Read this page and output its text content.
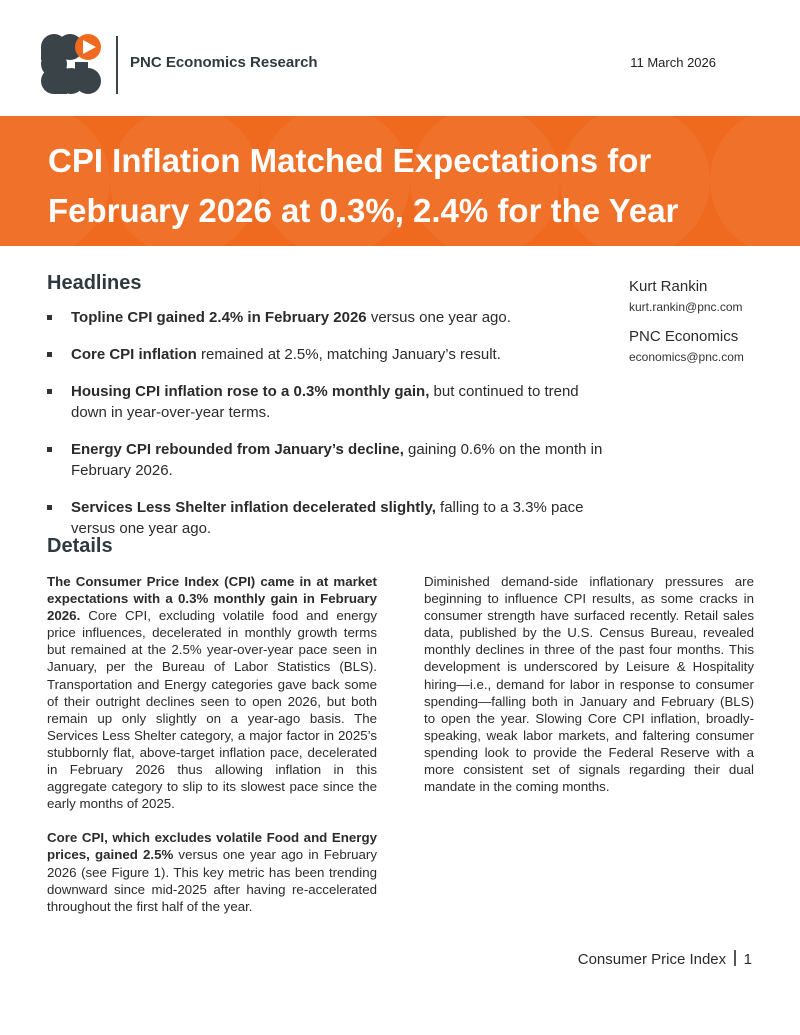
PNC Economics Research	11 March 2026
CPI Inflation Matched Expectations for February 2026 at 0.3%, 2.4% for the Year
Headlines
Topline CPI gained 2.4% in February 2026 versus one year ago.
Core CPI inflation remained at 2.5%, matching January’s result.
Housing CPI inflation rose to a 0.3% monthly gain, but continued to trend down in year-over-year terms.
Energy CPI rebounded from January’s decline, gaining 0.6% on the month in February 2026.
Services Less Shelter inflation decelerated slightly, falling to a 3.3% pace versus one year ago.
Kurt Rankin
kurt.rankin@pnc.com
PNC Economics
economics@pnc.com
Details

The Consumer Price Index (CPI) came in at market expectations with a 0.3% monthly gain in February 2026. Core CPI, excluding volatile food and energy price influences, decelerated in monthly growth terms but remained at the 2.5% year-over-year pace seen in January, per the Bureau of Labor Statistics (BLS). Transportation and Energy categories gave back some of their outright declines seen to open 2026, but both remain up only slightly on a year-ago basis. The Services Less Shelter category, a major factor in 2025’s stubbornly flat, above-target inflation pace, decelerated in February 2026 thus allowing inflation in this aggregate category to slip to its slowest pace since the early months of 2025.

Core CPI, which excludes volatile Food and Energy prices, gained 2.5% versus one year ago in February 2026 (see Figure 1). This key metric has been trending downward since mid-2025 after having re-accelerated throughout the first half of the year.

Diminished demand-side inflationary pressures are beginning to influence CPI results, as some cracks in consumer strength have surfaced recently. Retail sales data, published by the U.S. Census Bureau, revealed monthly declines in three of the past four months. This development is underscored by Leisure & Hospitality hiring—i.e., demand for labor in response to consumer spending—falling both in January and February (BLS) to open the year. Slowing Core CPI inflation, broadly-speaking, weak labor markets, and faltering consumer spending look to provide the Federal Reserve with a more consistent set of signals regarding their dual mandate in the coming months.

Consumer Price Index 1
